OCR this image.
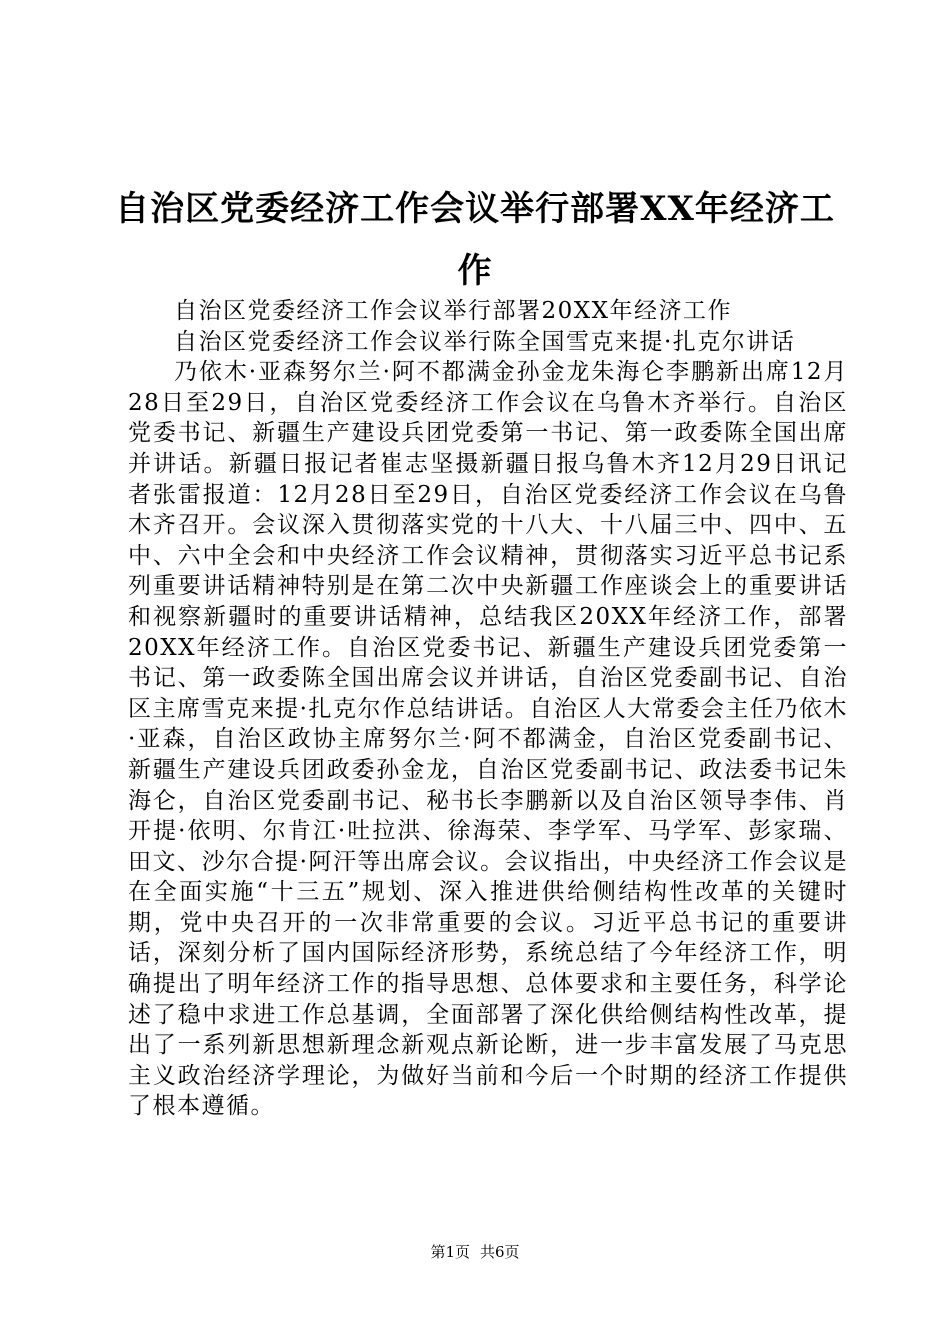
自治区党委经济工作会议举行部署XX年经济工作

自治区党委经济工作会议举行部署20XX年经济工作

自治区党委经济工作会议举行陈全国雪克来提·扎克尔讲话

乃依木·亚森努尔兰·阿不都满金孙金龙朱海仑李鹏新出席12月28日至29日，自治区党委经济工作会议在乌鲁木齐举行。自治区党委书记、新疆生产建设兵团党委第一书记、第一政委陈全国出席并讲话。新疆日报记者崔志坚摄新疆日报乌鲁木齐12月29日讯记者张雷报道：12月28日至29日，自治区党委经济工作会议在乌鲁木齐召开。会议深入贯彻落实党的十八大、十八届三中、四中、五中、六中全会和中央经济工作会议精神，贯彻落实习近平总书记系列重要讲话精神特别是在第二次中央新疆工作座谈会上的重要讲话和视察新疆时的重要讲话精神，总结我区20XX年经济工作，部署20XX年经济工作。自治区党委书记、新疆生产建设兵团党委第一书记、第一政委陈全国出席会议并讲话，自治区党委副书记、自治区主席雪克来提·扎克尔作总结讲话。自治区人大常委会主任乃依木·亚森，自治区政协主席努尔兰·阿不都满金，自治区党委副书记、新疆生产建设兵团政委孙金龙，自治区党委副书记、政法委书记朱海仑，自治区党委副书记、秘书长李鹏新以及自治区领导李伟、肖开提·依明、尔肯江·吐拉洪、徐海荣、李学军、马学军、彭家瑞、田文、沙尔合提·阿汗等出席会议。会议指出，中央经济工作会议是在全面实施“十三五”规划、深入推进供给侧结构性改革的关键时期，党中央召开的一次非常重要的会议。习近平总书记的重要讲话，深刻分析了国内国际经济形势，系统总结了今年经济工作，明确提出了明年经济工作的指导思想、总体要求和主要任务，科学论述了稳中求进工作总基调，全面部署了深化供给侧结构性改革，提出了一系列新思想新理念新观点新论断，进一步丰富发展了马克思主义政治经济学理论，为做好当前和今后一个时期的经济工作提供了根本遵循。

第1页 共6页
